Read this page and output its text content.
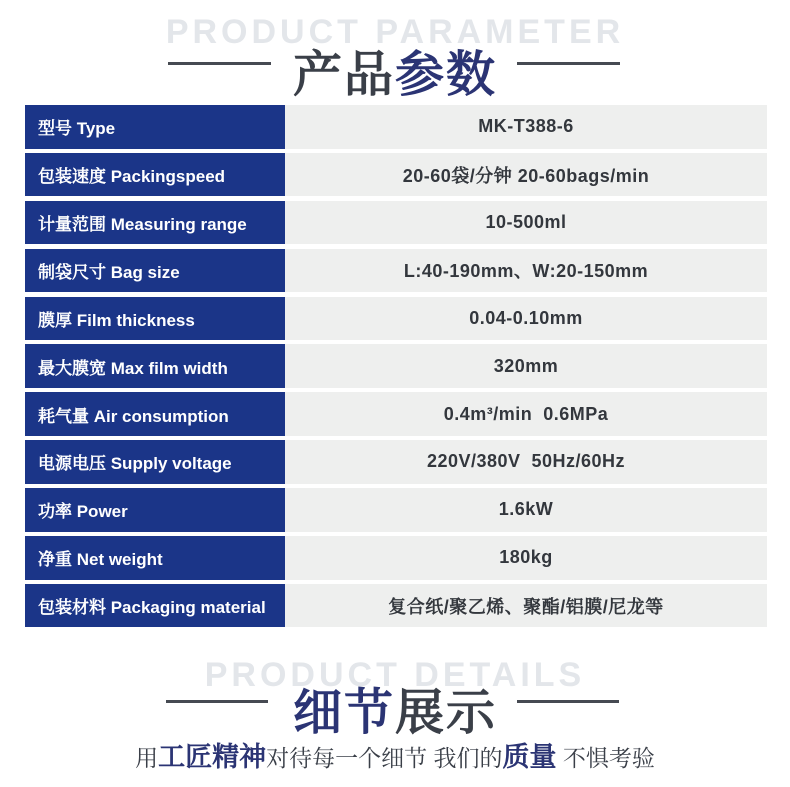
PRODUCT PARAMETER
产品参数
型号 Type	MK-T388-6
包装速度 Packingspeed	20-60袋/分钟 20-60bags/min
计量范围 Measuring range	10-500ml
制袋尺寸 Bag size	L:40-190mm、W:20-150mm
膜厚 Film thickness	0.04-0.10mm
最大膜宽 Max film width	320mm
耗气量 Air consumption	0.4m³/min  0.6MPa
电源电压 Supply voltage	220V/380V  50Hz/60Hz
功率 Power	1.6kW
净重 Net weight	180kg
包装材料 Packaging material	复合纸/聚乙烯、聚酯/铝膜/尼龙等
PRODUCT DETAILS
细节展示
用工匠精神对待每一个细节 我们的质量 不惧考验
